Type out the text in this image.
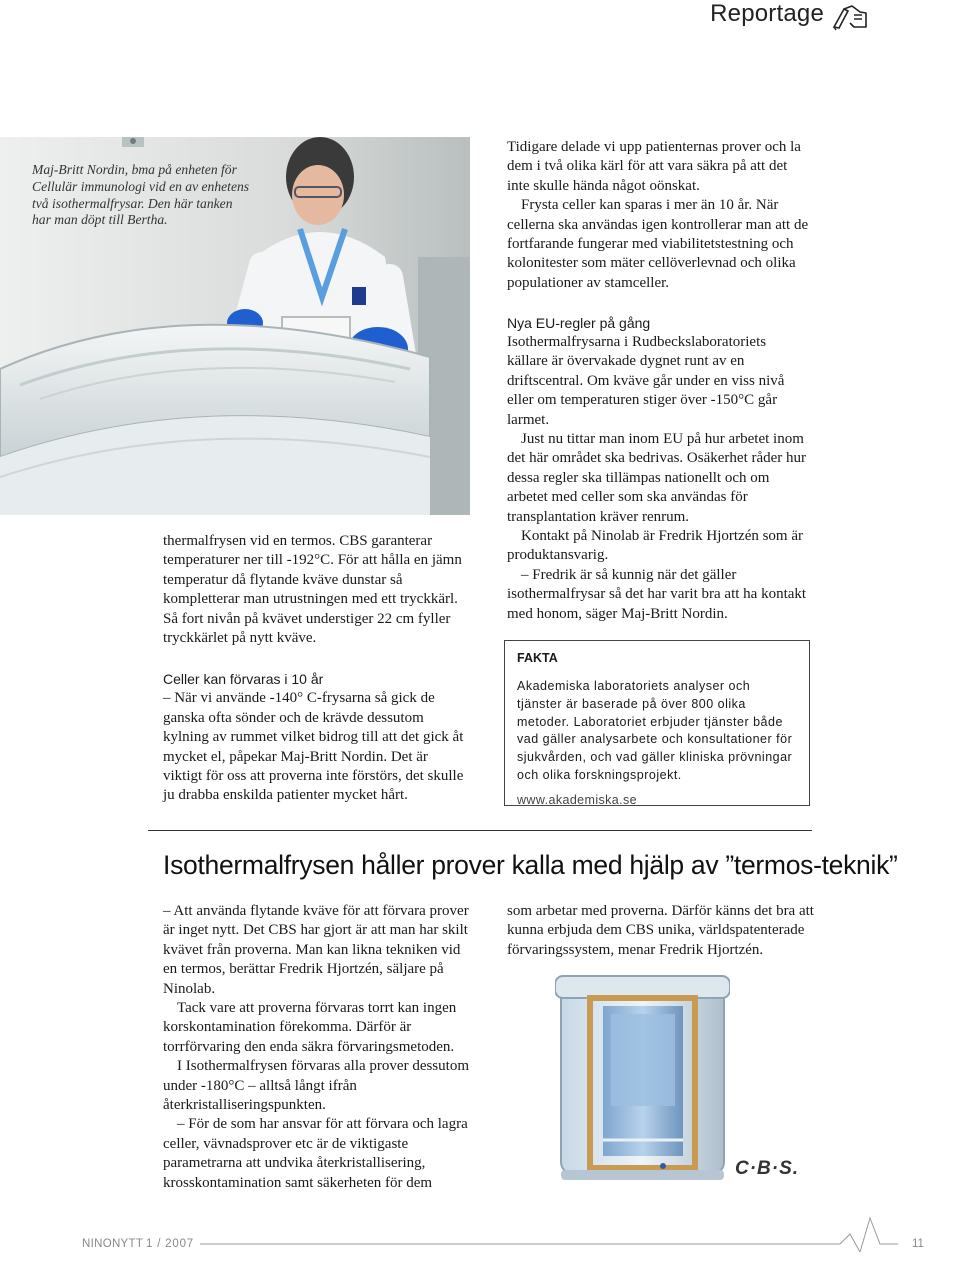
Reportage
Maj-Britt Nordin, bma på enheten för Cellulär immunologi vid en av enhetens två isothermalfrysar. Den här tanken har man döpt till Bertha.

Tidigare delade vi upp patienternas prover och la dem i två olika kärl för att vara säkra på att det inte skulle hända något oönskat.

Frysta celler kan sparas i mer än 10 år. När cellerna ska användas igen kontrollerar man att de fortfarande fungerar med viabilitetstestning och kolonitester som mäter cellöverlevnad och olika populationer av stamceller.

thermalfrysen vid en termos. CBS garanterar temperaturer ner till -192°C. För att hålla en jämn temperatur då flytande kväve dunstar så kompletterar man utrustningen med ett tryckkärl. Så fort nivån på kvävet understiger 22 cm fyller tryckkärlet på nytt kväve.

Celler kan förvaras i 10 år

– När vi använde -140° C-frysarna så gick de ganska ofta sönder och de krävde dessutom kylning av rummet vilket bidrog till att det gick åt mycket el, påpekar Maj-Britt Nordin. Det är viktigt för oss att proverna inte förstörs, det skulle ju drabba enskilda patienter mycket hårt.

Nya EU-regler på gång

Isothermalfrysarna i Rudbeckslaboratoriets källare är övervakade dygnet runt av en driftscentral. Om kväve går under en viss nivå eller om temperaturen stiger över -150°C går larmet.

Just nu tittar man inom EU på hur arbetet inom det här området ska bedrivas. Osäkerhet råder hur dessa regler ska tillämpas nationellt och om arbetet med celler som ska användas för transplantation kräver renrum.

Kontakt på Ninolab är Fredrik Hjortzén som är produktansvarig.

– Fredrik är så kunnig när det gäller isothermalfrysar så det har varit bra att ha kontakt med honom, säger Maj-Britt Nordin.

FAKTA

Akademiska laboratoriets analyser och tjänster är baserade på över 800 olika metoder. Laboratoriet erbjuder tjänster både vad gäller analysarbete och konsultationer för sjukvården, och vad gäller kliniska prövningar och olika forskningsprojekt.

www.akademiska.se

Isothermalfrysen håller prover kalla med hjälp av ”termos-teknik”

– Att använda flytande kväve för att förvara prover är inget nytt. Det CBS har gjort är att man har skilt kvävet från proverna. Man kan likna tekniken vid en termos, berättar Fredrik Hjortzén, säljare på Ninolab.

Tack vare att proverna förvaras torrt kan ingen korskontamination förekomma. Därför är torrförvaring den enda säkra förvaringsmetoden.

I Isothermalfrysen förvaras alla prover dessutom under -180°C – alltså långt ifrån återkristalliseringspunkten.

– För de som har ansvar för att förvara och lagra celler, vävnadsprover etc är de viktigaste parametrarna att undvika återkristallisering, krosskontamination samt säkerheten för dem

som arbetar med proverna. Därför känns det bra att kunna erbjuda dem CBS unika, världspatenterade förvaringssystem, menar Fredrik Hjortzén.

C·B·S.
NINONYTT 1 / 2007	11
